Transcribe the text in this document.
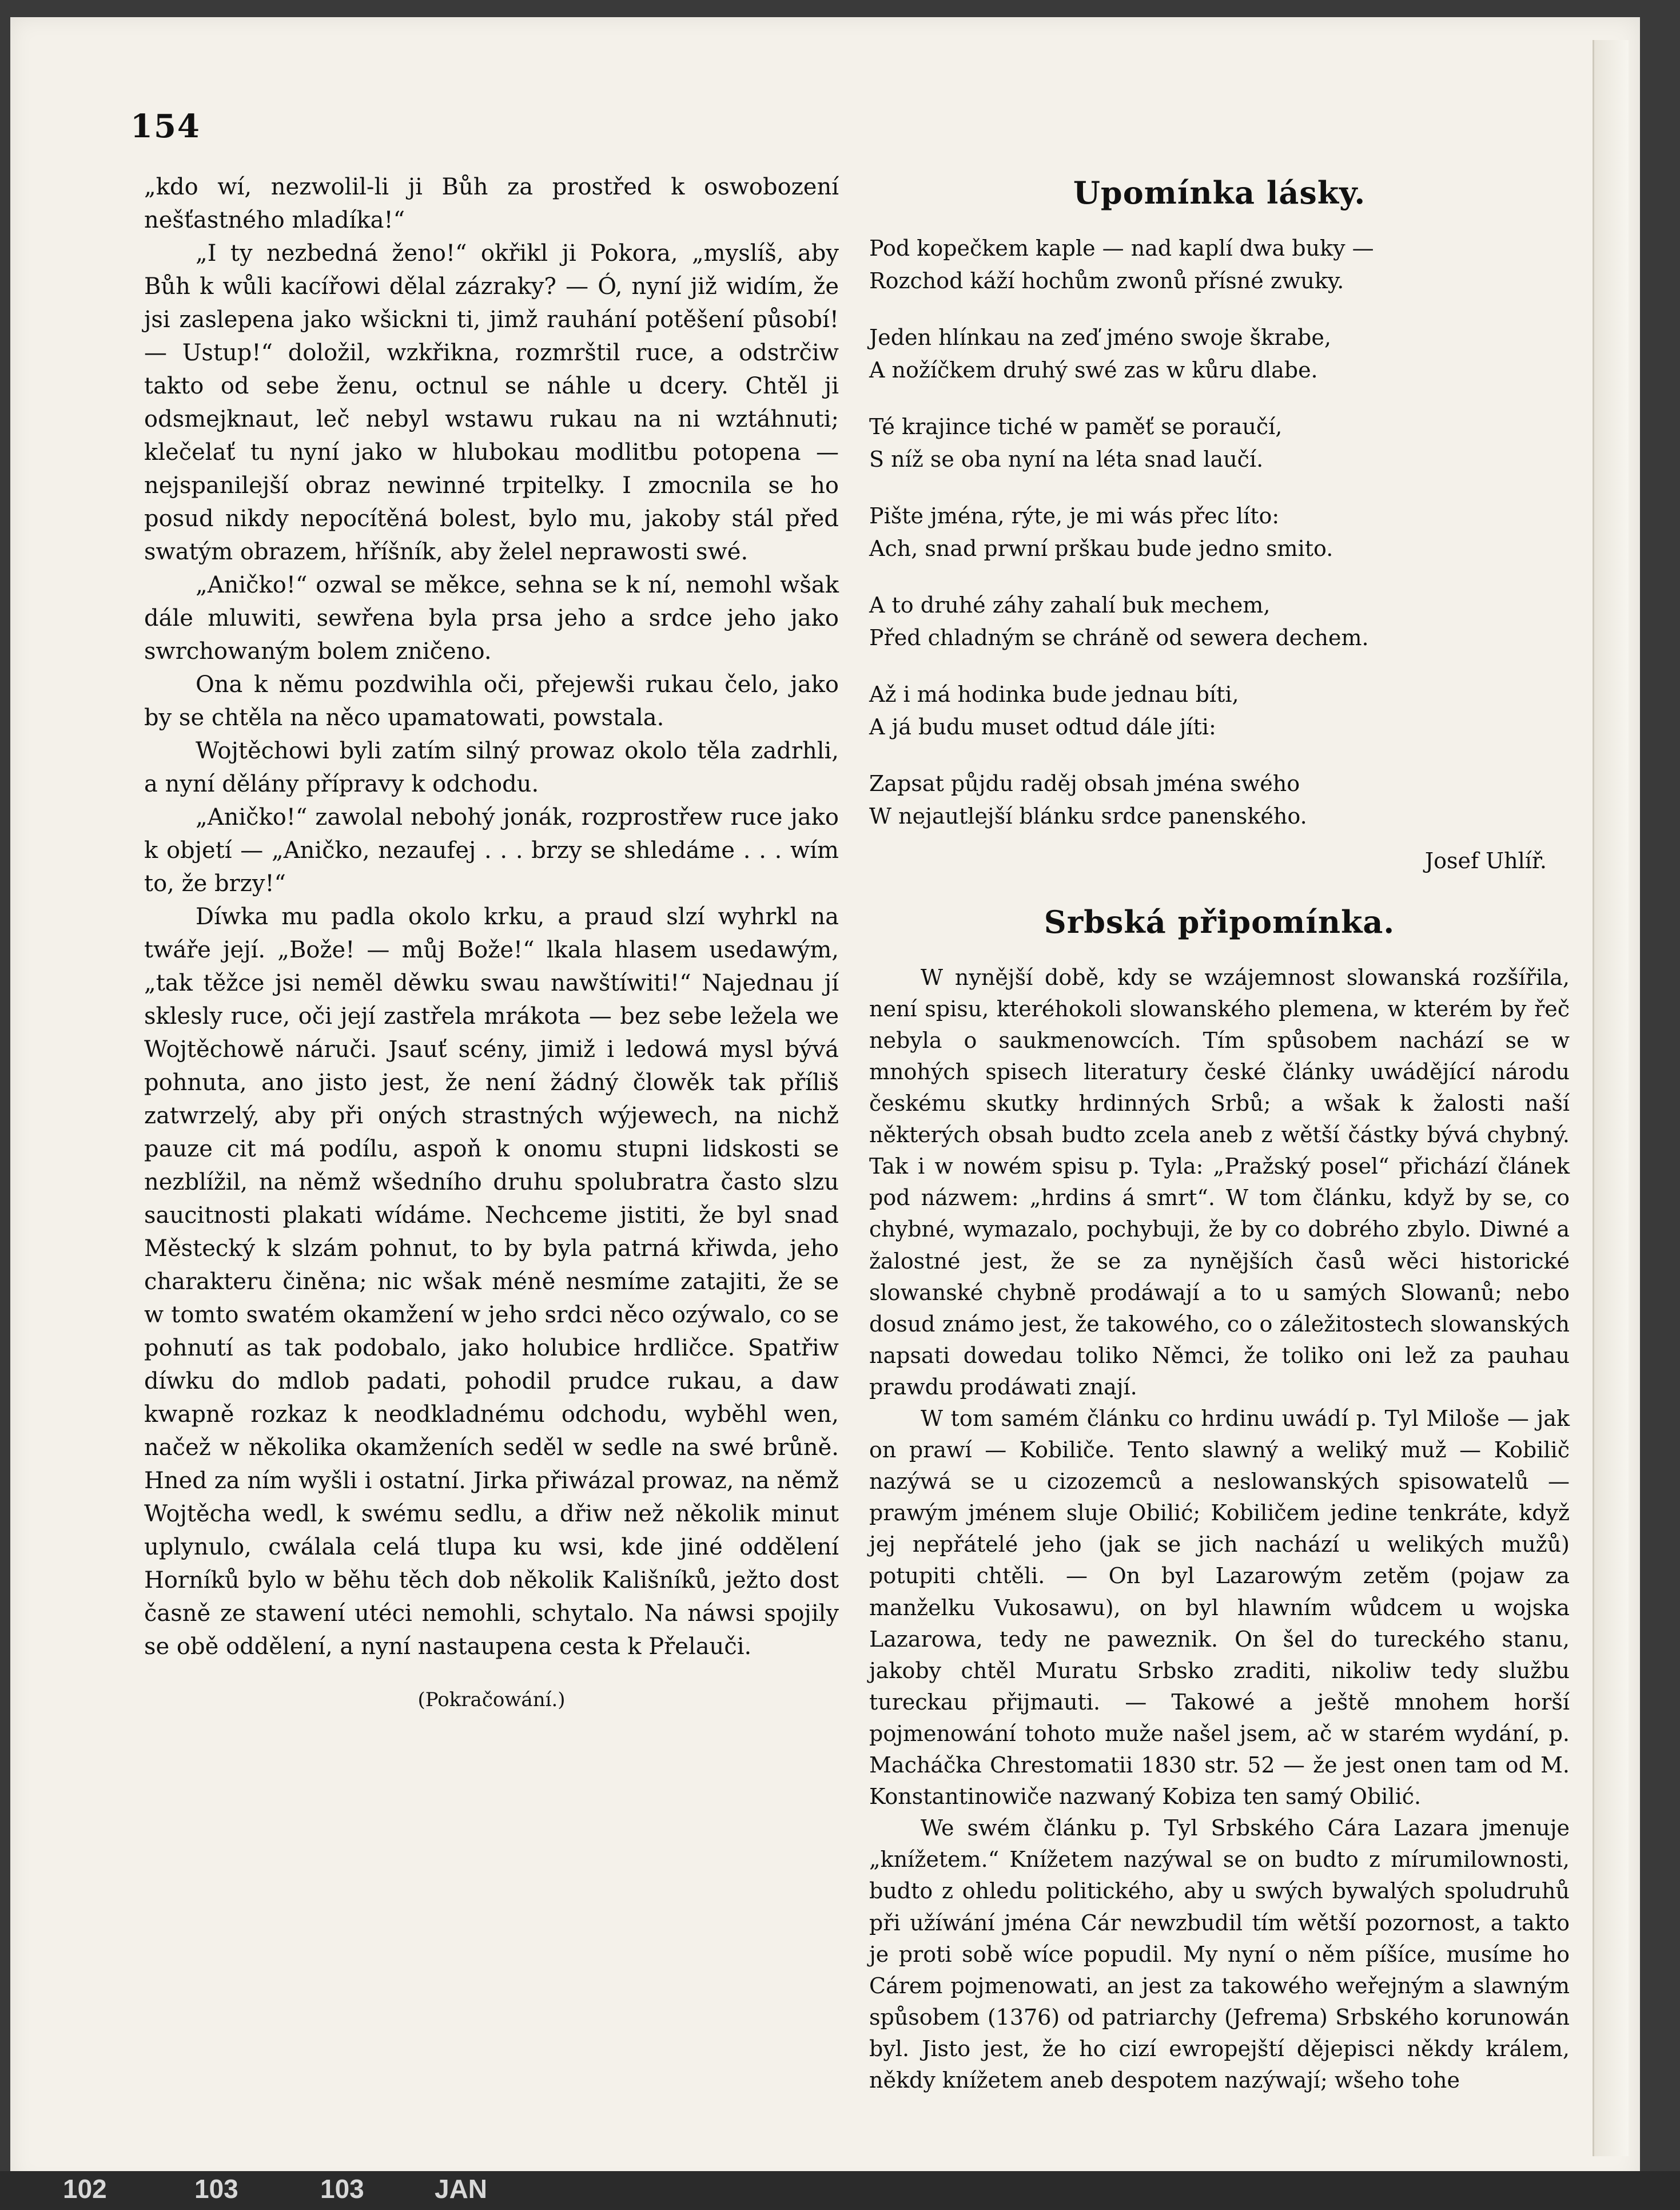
154

„kdo wí, nezwolil-li ji Bůh za prostřed k oswobození nešťastného mladíka!“

„I ty nezbedná ženo!“ okřikl ji Pokora, „myslíš, aby Bůh k wůli kacířowi dělal zázraky? — Ó, nyní již widím, že jsi zaslepena jako wšickni ti, jimž rauhání potěšení působí! — Ustup!“ doložil, wzkřikna, rozmrštil ruce, a odstrčiw takto od sebe ženu, octnul se náhle u dcery. Chtěl ji odsmejknaut, leč nebyl wstawu rukau na ni wztáhnuti; klečelať tu nyní jako w hlubokau modlitbu potopena — nejspanilejší obraz newinné trpitelky. I zmocnila se ho posud nikdy nepocítěná bolest, bylo mu, jakoby stál před swatým obrazem, hříšník, aby želel neprawosti swé.

„Aničko!“ ozwal se měkce, sehna se k ní, nemohl wšak dále mluwiti, sewřena byla prsa jeho a srdce jeho jako swrchowaným bolem zničeno.

Ona k němu pozdwihla oči, přejewši rukau čelo, jako by se chtěla na něco upamatowati, powstala.

Wojtěchowi byli zatím silný prowaz okolo těla zadrhli, a nyní dělány přípravy k odchodu.

„Aničko!“ zawolal nebohý jonák, rozprostřew ruce jako k objetí — „Aničko, nezaufej . . . brzy se shledáme . . . wím to, že brzy!“

Díwka mu padla okolo krku, a praud slzí wyhrkl na twáře její. „Bože! — můj Bože!“ lkala hlasem usedawým, „tak těžce jsi neměl děwku swau nawštíwiti!“ Najednau jí sklesly ruce, oči její zastřela mrákota — bez sebe ležela we Wojtěchowě náruči. Jsauť scény, jimiž i ledowá mysl bývá pohnuta, ano jisto jest, že není žádný člowěk tak příliš zatwrzelý, aby při oných strastných wýjewech, na nichž pauze cit má podílu, aspoň k onomu stupni lidskosti se nezblížil, na němž wšedního druhu spolubratra často slzu saucitnosti plakati wídáme. Nechceme jistiti, že byl snad Městecký k slzám pohnut, to by byla patrná křiwda, jeho charakteru činěna; nic wšak méně nesmíme zatajiti, že se w tomto swatém okamžení w jeho srdci něco ozýwalo, co se pohnutí as tak podobalo, jako holubice hrdličce. Spatřiw díwku do mdlob padati, pohodil prudce rukau, a daw kwapně rozkaz k neodkladnému odchodu, wyběhl wen, načež w několika okamženích seděl w sedle na swé brůně. Hned za ním wyšli i ostatní. Jirka přiwázal prowaz, na němž Wojtěcha wedl, k swému sedlu, a dřiw než několik minut uplynulo, cwálala celá tlupa ku wsi, kde jiné oddělení Horníků bylo w běhu těch dob několik Kališníků, ježto dost časně ze stawení utéci nemohli, schytalo. Na náwsi spojily se obě oddělení, a nyní nastaupena cesta k Přelauči.

(Pokračowání.)

Upomínka lásky.
Pod kopečkem kaple — nad kaplí dwa buky —
Rozchod káží hochům zwonů přísné zwuky.
Jeden hlínkau na zeď jméno swoje škrabe,
A nožíčkem druhý swé zas w kůru dlabe.
Té krajince tiché w paměť se poraučí,
S níž se oba nyní na léta snad laučí.
Pište jména, rýte, je mi wás přec líto:
Ach, snad prwní prškau bude jedno smito.
A to druhé záhy zahalí buk mechem,
Před chladným se chráně od sewera dechem.
Až i má hodinka bude jednau bíti,
A já budu muset odtud dále jíti:
Zapsat půjdu raděj obsah jména swého
W nejautlejší blánku srdce panenského.
Josef Uhlíř.
Srbská připomínka.

W nynější době, kdy se wzájemnost slowanská rozšířila, není spisu, kteréhokoli slowanského plemena, w kterém by řeč nebyla o saukmenowcích. Tím spůsobem nachází se w mnohých spisech literatury české články uwádějící národu českému skutky hrdinných Srbů; a wšak k žalosti naší některých obsah budto zcela aneb z wětší částky bývá chybný. Tak i w nowém spisu p. Tyla: „Pražský posel“ přichází článek pod názwem: „hrdins á smrt“. W tom článku, když by se, co chybné, wymazalo, pochybuji, že by co dobrého zbylo. Diwné a žalostné jest, že se za nynějších časů wěci historické slowanské chybně prodáwají a to u samých Slowanů; nebo dosud známo jest, že takowého, co o záležitostech slowanských napsati dowedau toliko Němci, že toliko oni lež za pauhau prawdu prodáwati znají.

W tom samém článku co hrdinu uwádí p. Tyl Miloše — jak on prawí — Kobiliče. Tento slawný a weliký muž — Kobilič nazýwá se u cizozemců a neslowanských spisowatelů — prawým jménem sluje Obilić; Kobiličem jedine tenkráte, když jej nepřátelé jeho (jak se jich nachází u welikých mužů) potupiti chtěli. — On byl Lazarowým zetěm (pojaw za manželku Vukosawu), on byl hlawním wůdcem u wojska Lazarowa, tedy ne paweznik. On šel do tureckého stanu, jakoby chtěl Muratu Srbsko zraditi, nikoliw tedy službu tureckau přijmauti. — Takowé a ještě mnohem horší pojmenowání tohoto muže našel jsem, ač w starém wydání, p. Macháčka Chrestomatii 1830 str. 52 — že jest onen tam od M. Konstantinowiče nazwaný Kobiza ten samý Obilić.

We swém článku p. Tyl Srbského Cára Lazara jmenuje „knížetem.“ Knížetem nazýwal se on budto z mírumilownosti, budto z ohledu politického, aby u swých bywalých spoludruhů při užíwání jména Cár newzbudil tím wětší pozornost, a takto je proti sobě wíce popudil. My nyní o něm píšíce, musíme ho Cárem pojmenowati, an jest za takowého weřejným a slawným spůsobem (1376) od patriarchy (Jefrema) Srbského korunowán byl. Jisto jest, že ho cizí ewropejští dějepisci někdy králem, někdy knížetem aneb despotem nazýwají; wšeho tohe

102	103	103	JAN
